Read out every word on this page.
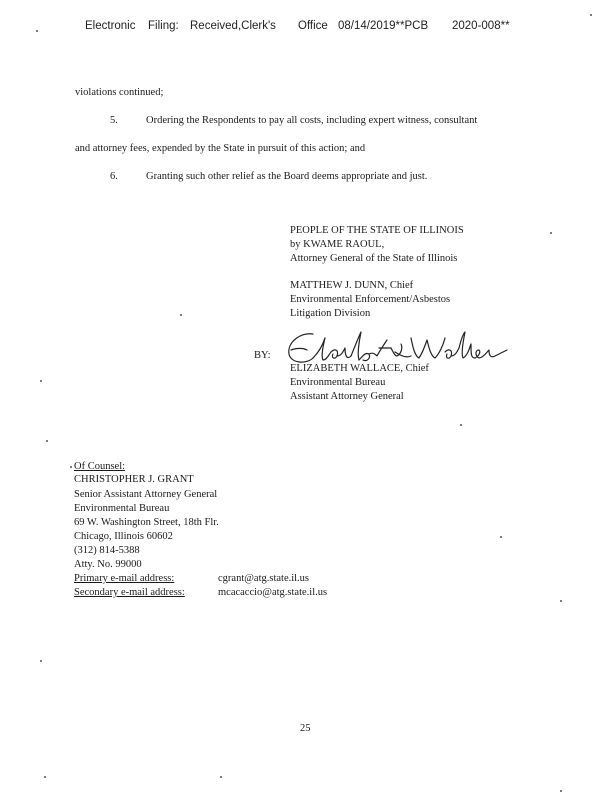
Electronic Filing: Received,Clerk's Office 08/14/2019**PCB 2020-008**
violations continued;
5.	Ordering the Respondents to pay all costs, including expert witness, consultant
and attorney fees, expended by the State in pursuit of this action; and
6.	Granting such other relief as the Board deems appropriate and just.
PEOPLE OF THE STATE OF ILLINOIS
by KWAME RAOUL,
Attorney General of the State of Illinois
MATTHEW J. DUNN, Chief
Environmental Enforcement/Asbestos
Litigation Division
BY:
ELIZABETH WALLACE, Chief
Environmental Bureau
Assistant Attorney General
Of Counsel:
CHRISTOPHER J. GRANT
Senior Assistant Attorney General
Environmental Bureau
69 W. Washington Street, 18th Flr.
Chicago, Illinois 60602
(312) 814-5388
Atty. No. 99000
Primary e-mail address:	cgrant@atg.state.il.us
Secondary e-mail address:	mcacaccio@atg.state.il.us
25
